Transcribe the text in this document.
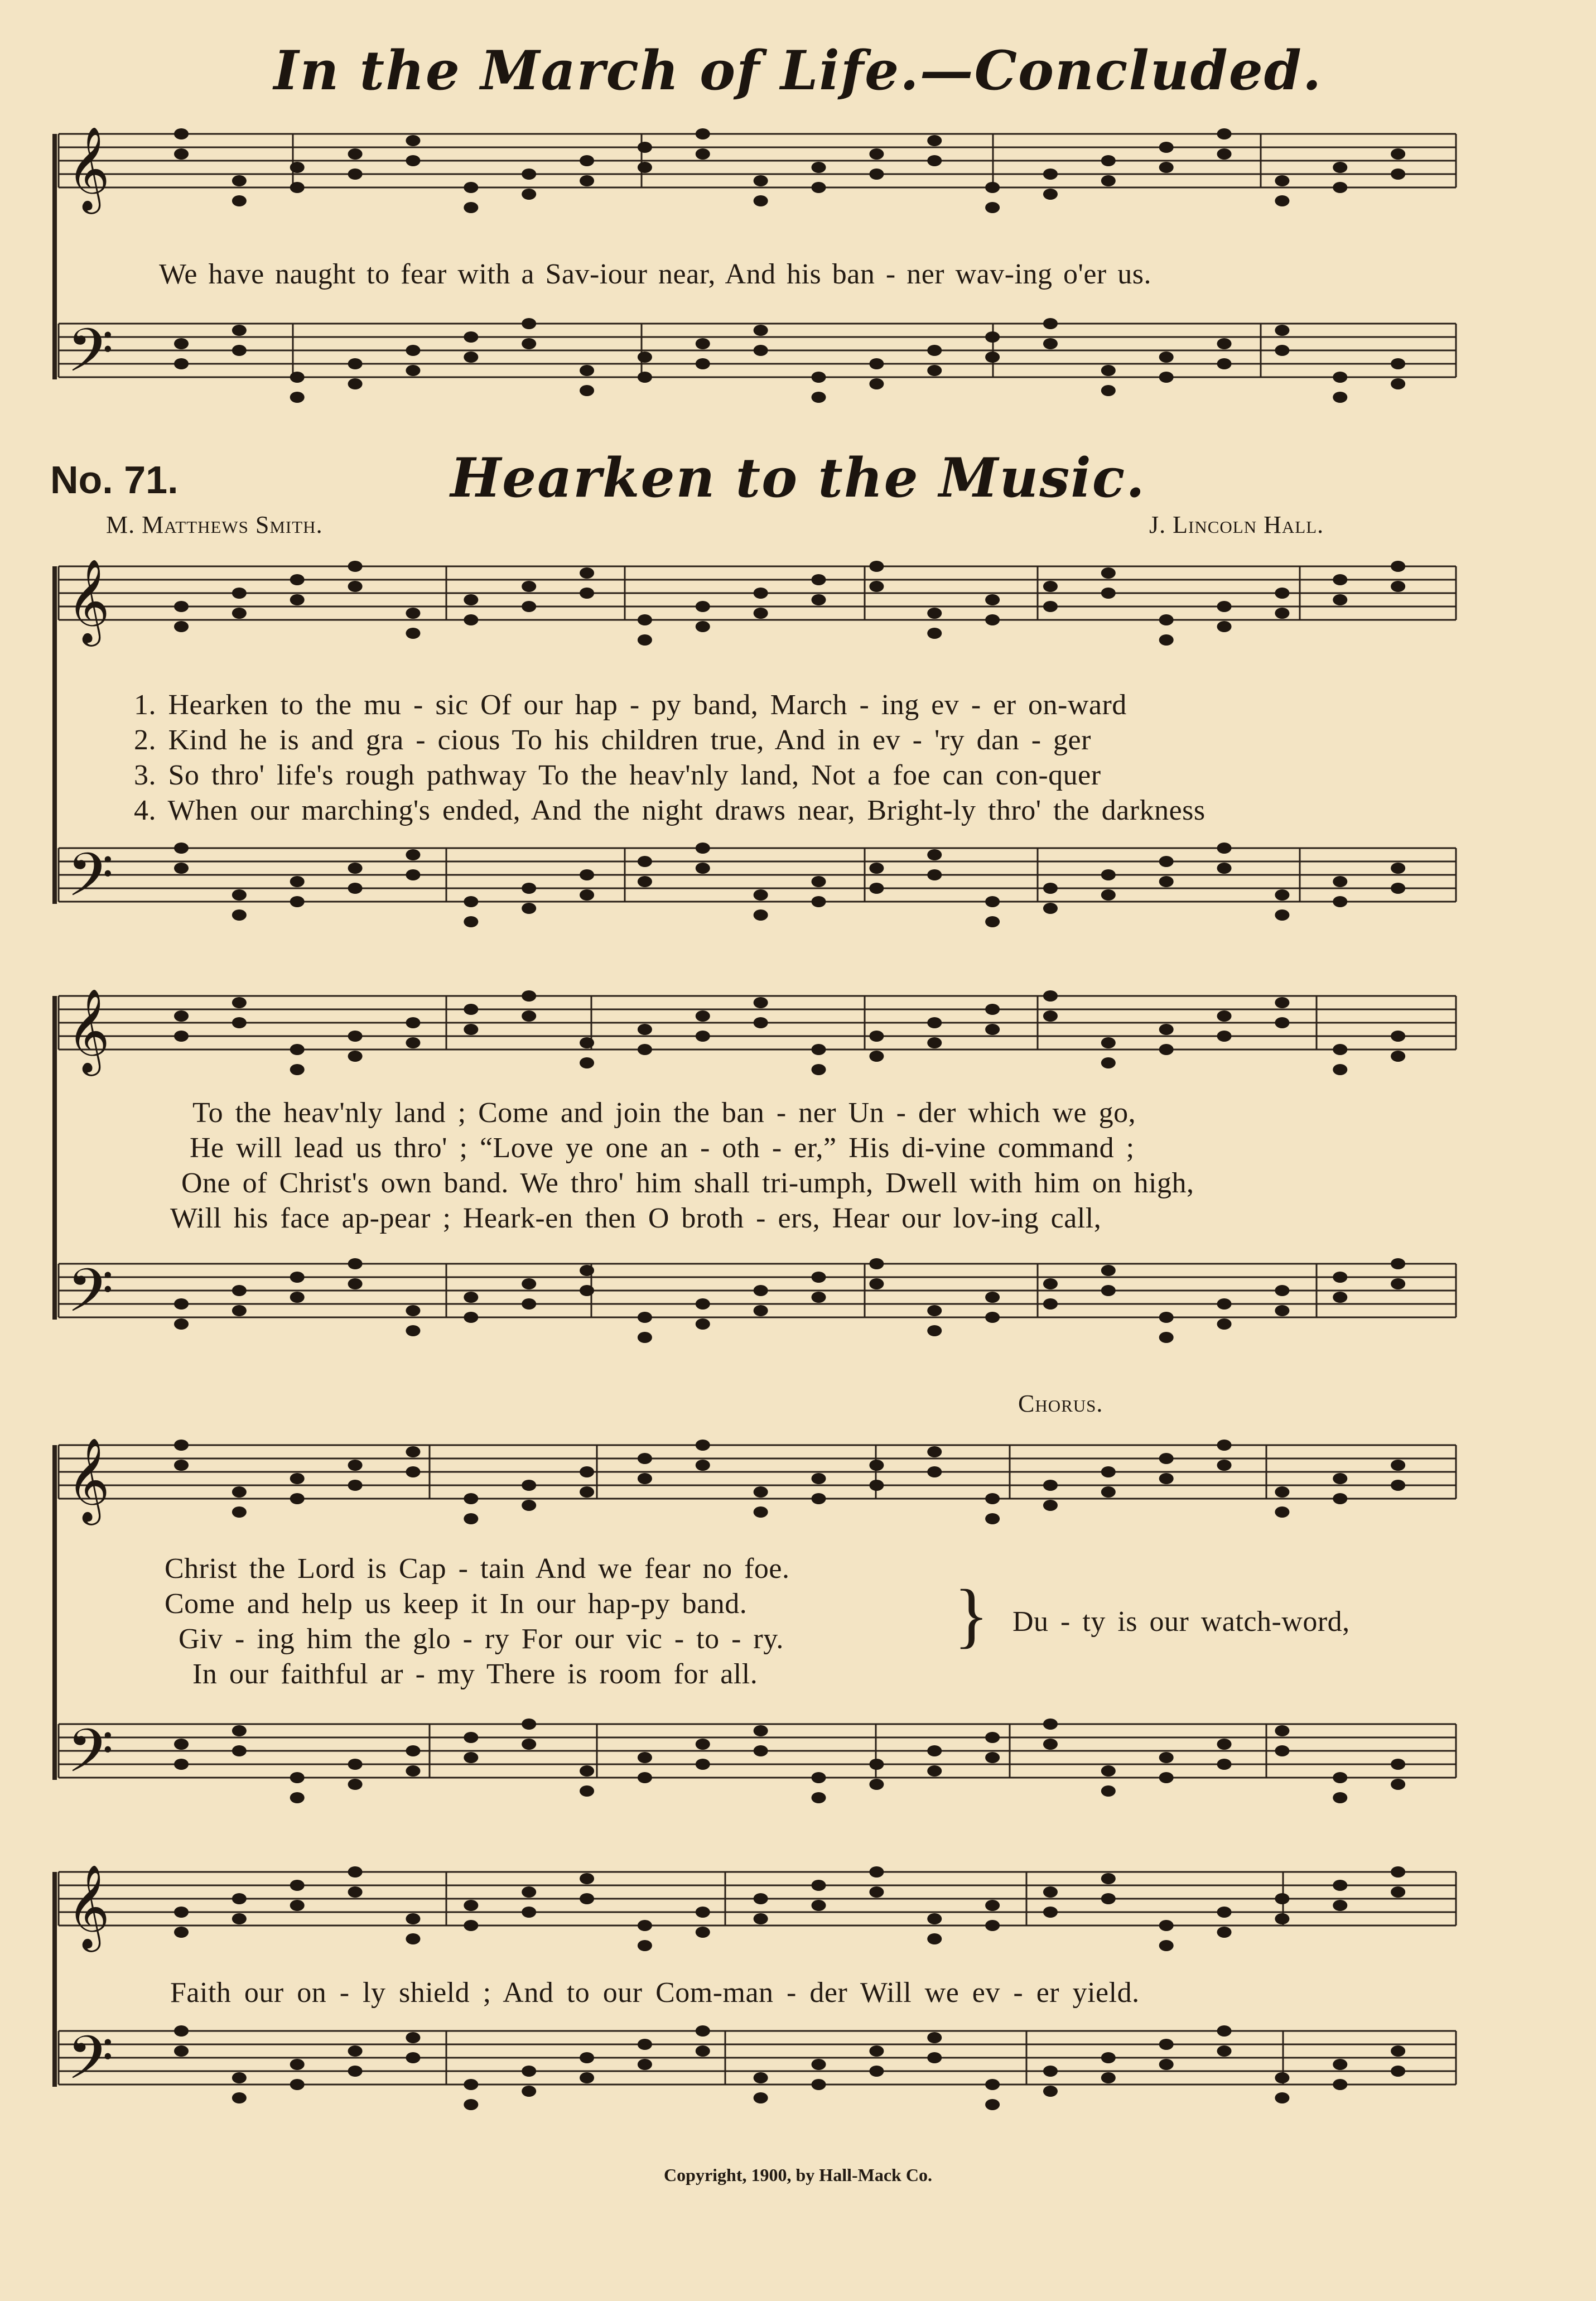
𝄞
𝄢
𝄞
𝄢
𝄞
𝄢
𝄞
𝄢
𝄞
𝄢
In the March of Life.—Concluded.
We have naught to fear with a Sav-iour near, And his ban - ner wav-ing o'er us.
No. 71.	Hearken to the Music.
M. Matthews Smith.	J. Lincoln Hall.
1. Hearken to the mu - sic Of our hap - py band, March - ing ev - er on-ward
2. Kind he is and gra - cious To his children true, And in ev - 'ry dan - ger
3. So thro' life's rough pathway To the heav'nly land, Not a foe can con-quer
4. When our marching's ended, And the night draws near, Bright-ly thro' the darkness
To the heav'nly land ; Come and join the ban - ner Un - der which we go,
He will lead us thro' ; “Love ye one an - oth - er,” His di-vine command ;
One of Christ's own band. We thro' him shall tri-umph, Dwell with him on high,
Will his face ap-pear ; Heark-en then O broth - ers, Hear our lov-ing call,
Chorus.
Christ the Lord is Cap - tain And we fear no foe.
Come and help us keep it In our hap-py band.
Giv - ing him the glo - ry For our vic - to - ry.
In our faithful ar - my There is room for all.
} Du - ty is our watch-word,
Faith our on - ly shield ; And to our Com-man - der Will we ev - er yield.
Copyright, 1900, by Hall-Mack Co.
